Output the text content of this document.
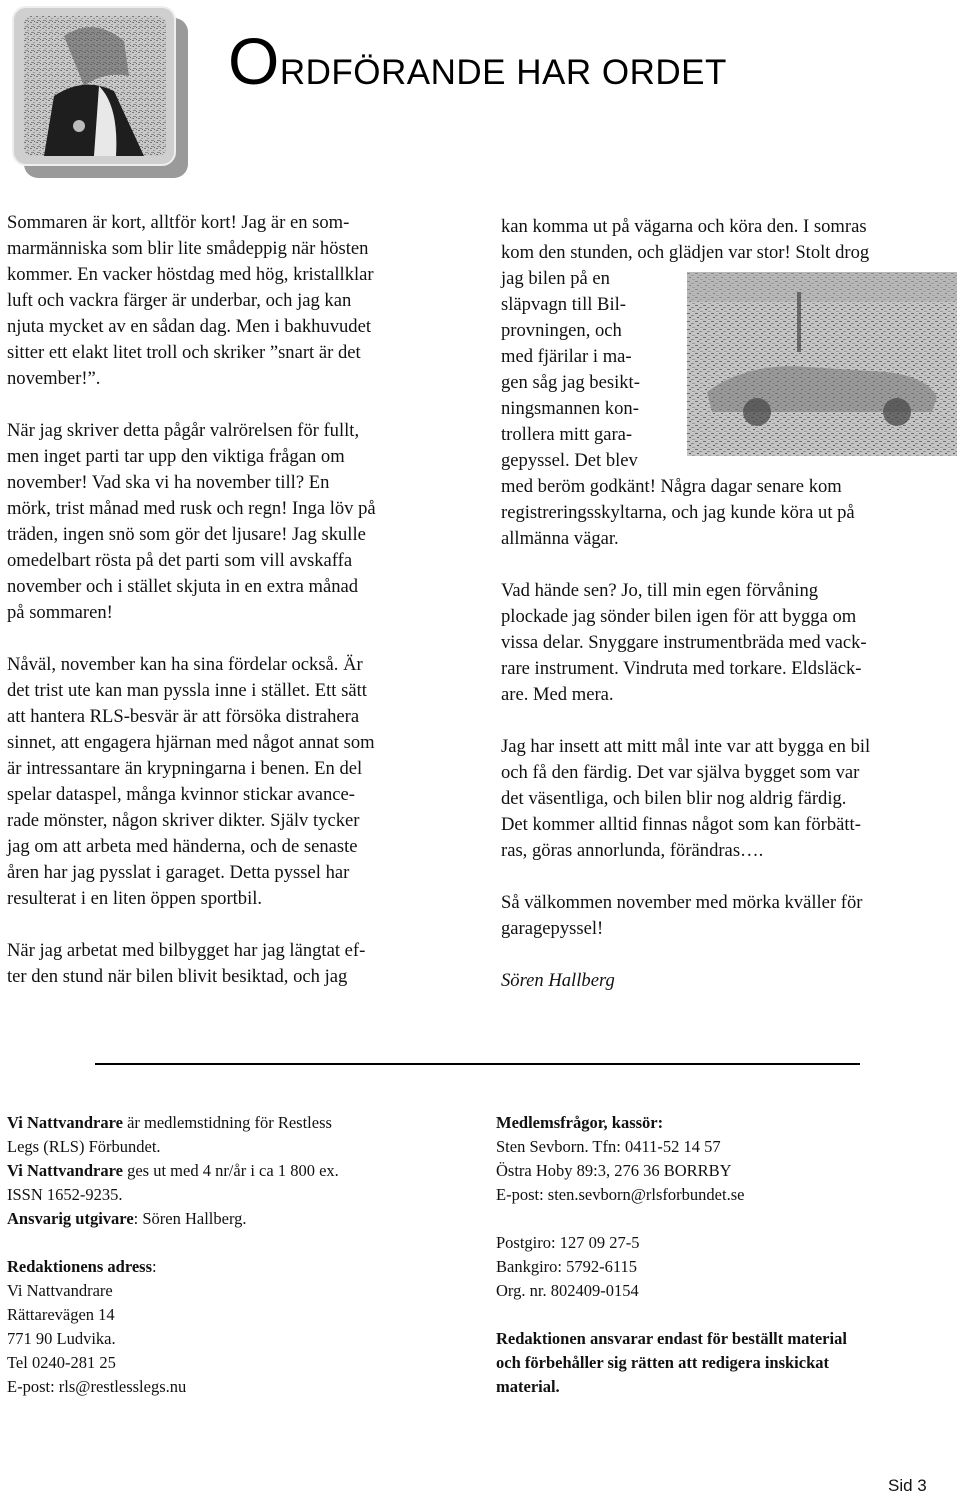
ORDFÖRANDE HAR ORDET

Sommaren är kort, alltför kort! Jag är en som-
marmänniska som blir lite smådeppig när hösten
kommer. En vacker höstdag med hög, kristallklar
luft och vackra färger är underbar, och jag kan
njuta mycket av en sådan dag. Men i bakhuvudet
sitter ett elakt litet troll och skriker ”snart är det
november!”.

När jag skriver detta pågår valrörelsen för fullt,
men inget parti tar upp den viktiga frågan om
november! Vad ska vi ha november till? En
mörk, trist månad med rusk och regn! Inga löv på
träden, ingen snö som gör det ljusare! Jag skulle
omedelbart rösta på det parti som vill avskaffa
november och i stället skjuta in en extra månad
på sommaren!

Nåväl, november kan ha sina fördelar också. Är
det trist ute kan man pyssla inne i stället. Ett sätt
att hantera RLS-besvär är att försöka distrahera
sinnet, att engagera hjärnan med något annat som
är intressantare än krypningarna i benen. En del
spelar dataspel, många kvinnor stickar avance-
rade mönster, någon skriver dikter. Själv tycker
jag om att arbeta med händerna, och de senaste
åren har jag pysslat i garaget. Detta pyssel har
resulterat i en liten öppen sportbil.

När jag arbetat med bilbygget har jag längtat ef-
ter den stund när bilen blivit besiktad, och jag

kan komma ut på vägarna och köra den. I somras
kom den stunden, och glädjen var stor! Stolt drog
jag bilen på en
släpvagn till Bil-
provningen, och
med fjärilar i ma-
gen såg jag besikt-
ningsmannen kon-
trollera mitt gara-
gepyssel. Det blev
med beröm godkänt! Några dagar senare kom
registreringsskyltarna, och jag kunde köra ut på
allmänna vägar.

Vad hände sen? Jo, till min egen förvåning
plockade jag sönder bilen igen för att bygga om
vissa delar. Snyggare instrumentbräda med vack-
rare instrument. Vindruta med torkare. Eldsläck-
are. Med mera.

Jag har insett att mitt mål inte var att bygga en bil
och få den färdig. Det var själva bygget som var
det väsentliga, och bilen blir nog aldrig färdig.
Det kommer alltid finnas något som kan förbätt-
ras, göras annorlunda, förändras….

Så välkommen november med mörka kväller för
garagepyssel!

Sören Hallberg

Vi Nattvandrare är medlemstidning för Restless
Legs (RLS) Förbundet.
Vi Nattvandrare ges ut med 4 nr/år i ca 1 800 ex.
ISSN 1652-9235.
Ansvarig utgivare: Sören Hallberg.

Redaktionens adress:
Vi Nattvandrare
Rättarevägen 14
771 90 Ludvika.
Tel 0240-281 25
E-post: rls@restlesslegs.nu

Medlemsfrågor, kassör:
Sten Sevborn. Tfn: 0411-52 14 57
Östra Hoby 89:3, 276 36 BORRBY
E-post: sten.sevborn@rlsforbundet.se

Postgiro: 127 09 27-5
Bankgiro: 5792-6115
Org. nr. 802409-0154

Redaktionen ansvarar endast för beställt material
och förbehåller sig rätten att redigera inskickat
material.

Sid 3
